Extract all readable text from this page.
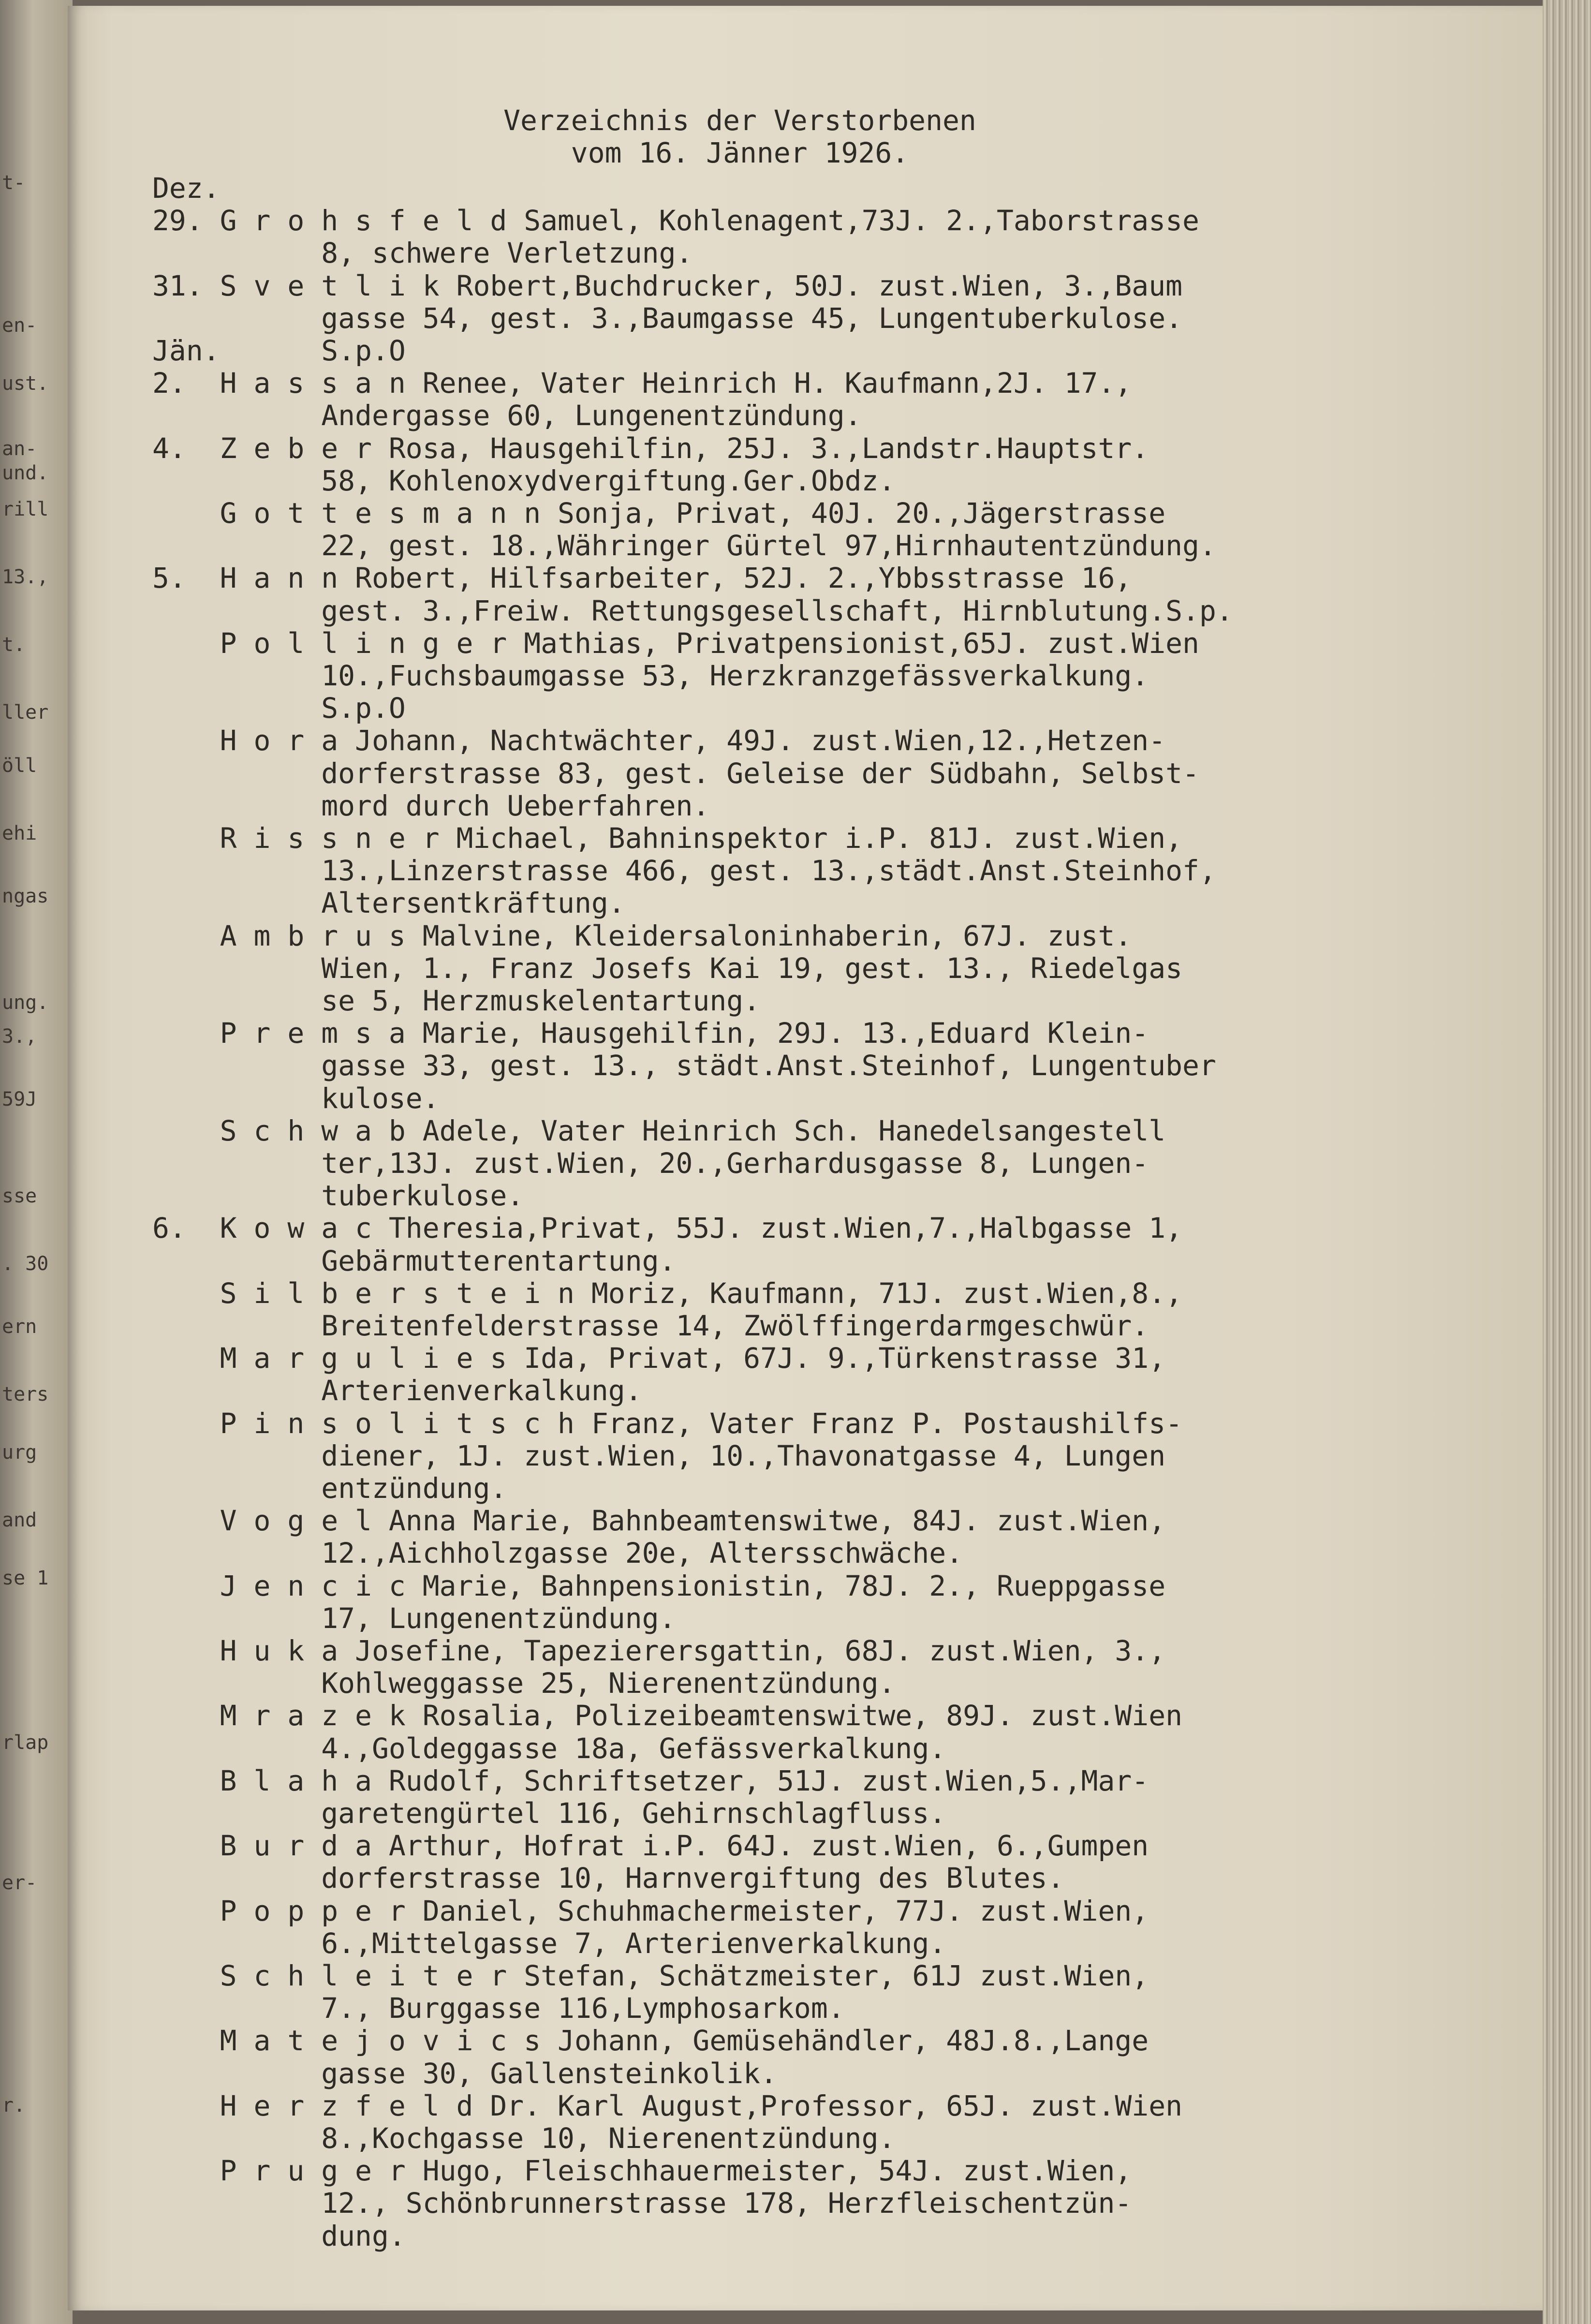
t-
en-
ust.
an-
und.
rill
13.,
t.
ller
öll
ehi
ngas
ung.
3.,
59J
sse
. 30
ern
ters
urg
and
se 1
rlap
er-
r.
Verzeichnis der Verstorbenen
vom 16. Jänner 1926.
Dez.
29. G r o h s f e l d Samuel, Kohlenagent,73J. 2.,Taborstrasse
8, schwere Verletzung.
31. S v e t l i k Robert,Buchdrucker, 50J. zust.Wien, 3.,Baum
gasse 54, gest. 3.,Baumgasse 45, Lungentuberkulose.
Jän.      S.p.O
2.  H a s s a n Renee, Vater Heinrich H. Kaufmann,2J. 17.,
Andergasse 60, Lungenentzündung.
4.  Z e b e r Rosa, Hausgehilfin, 25J. 3.,Landstr.Hauptstr.
58, Kohlenoxydvergiftung.Ger.Obdz.
G o t t e s m a n n Sonja, Privat, 40J. 20.,Jägerstrasse
22, gest. 18.,Währinger Gürtel 97,Hirnhautentzündung.
5.  H a n n Robert, Hilfsarbeiter, 52J. 2.,Ybbsstrasse 16,
gest. 3.,Freiw. Rettungsgesellschaft, Hirnblutung.S.p.
P o l l i n g e r Mathias, Privatpensionist,65J. zust.Wien
10.,Fuchsbaumgasse 53, Herzkranzgefässverkalkung.
S.p.O
H o r a Johann, Nachtwächter, 49J. zust.Wien,12.,Hetzen-
dorferstrasse 83, gest. Geleise der Südbahn, Selbst-
mord durch Ueberfahren.
R i s s n e r Michael, Bahninspektor i.P. 81J. zust.Wien,
13.,Linzerstrasse 466, gest. 13.,städt.Anst.Steinhof,
Altersentkräftung.
A m b r u s Malvine, Kleidersaloninhaberin, 67J. zust.
Wien, 1., Franz Josefs Kai 19, gest. 13., Riedelgas
se 5, Herzmuskelentartung.
P r e m s a Marie, Hausgehilfin, 29J. 13.,Eduard Klein-
gasse 33, gest. 13., städt.Anst.Steinhof, Lungentuber
kulose.
S c h w a b Adele, Vater Heinrich Sch. Hanedelsangestell
ter,13J. zust.Wien, 20.,Gerhardusgasse 8, Lungen-
tuberkulose.
6.  K o w a c Theresia,Privat, 55J. zust.Wien,7.,Halbgasse 1,
Gebärmutterentartung.
S i l b e r s t e i n Moriz, Kaufmann, 71J. zust.Wien,8.,
Breitenfelderstrasse 14, Zwölffingerdarmgeschwür.
M a r g u l i e s Ida, Privat, 67J. 9.,Türkenstrasse 31,
Arterienverkalkung.
P i n s o l i t s c h Franz, Vater Franz P. Postaushilfs-
diener, 1J. zust.Wien, 10.,Thavonatgasse 4, Lungen
entzündung.
V o g e l Anna Marie, Bahnbeamtenswitwe, 84J. zust.Wien,
12.,Aichholzgasse 20e, Altersschwäche.
J e n c i c Marie, Bahnpensionistin, 78J. 2., Rueppgasse
17, Lungenentzündung.
H u k a Josefine, Tapezierersgattin, 68J. zust.Wien, 3.,
Kohlweggasse 25, Nierenentzündung.
M r a z e k Rosalia, Polizeibeamtenswitwe, 89J. zust.Wien
4.,Goldeggasse 18a, Gefässverkalkung.
B l a h a Rudolf, Schriftsetzer, 51J. zust.Wien,5.,Mar-
garetengürtel 116, Gehirnschlagfluss.
B u r d a Arthur, Hofrat i.P. 64J. zust.Wien, 6.,Gumpen
dorferstrasse 10, Harnvergiftung des Blutes.
P o p p e r Daniel, Schuhmachermeister, 77J. zust.Wien,
6.,Mittelgasse 7, Arterienverkalkung.
S c h l e i t e r Stefan, Schätzmeister, 61J zust.Wien,
7., Burggasse 116,Lymphosarkom.
M a t e j o v i c s Johann, Gemüsehändler, 48J.8.,Lange
gasse 30, Gallensteinkolik.
H e r z f e l d Dr. Karl August,Professor, 65J. zust.Wien
8.,Kochgasse 10, Nierenentzündung.
P r u g e r Hugo, Fleischhauermeister, 54J. zust.Wien,
12., Schönbrunnerstrasse 178, Herzfleischentzün-
dung.
